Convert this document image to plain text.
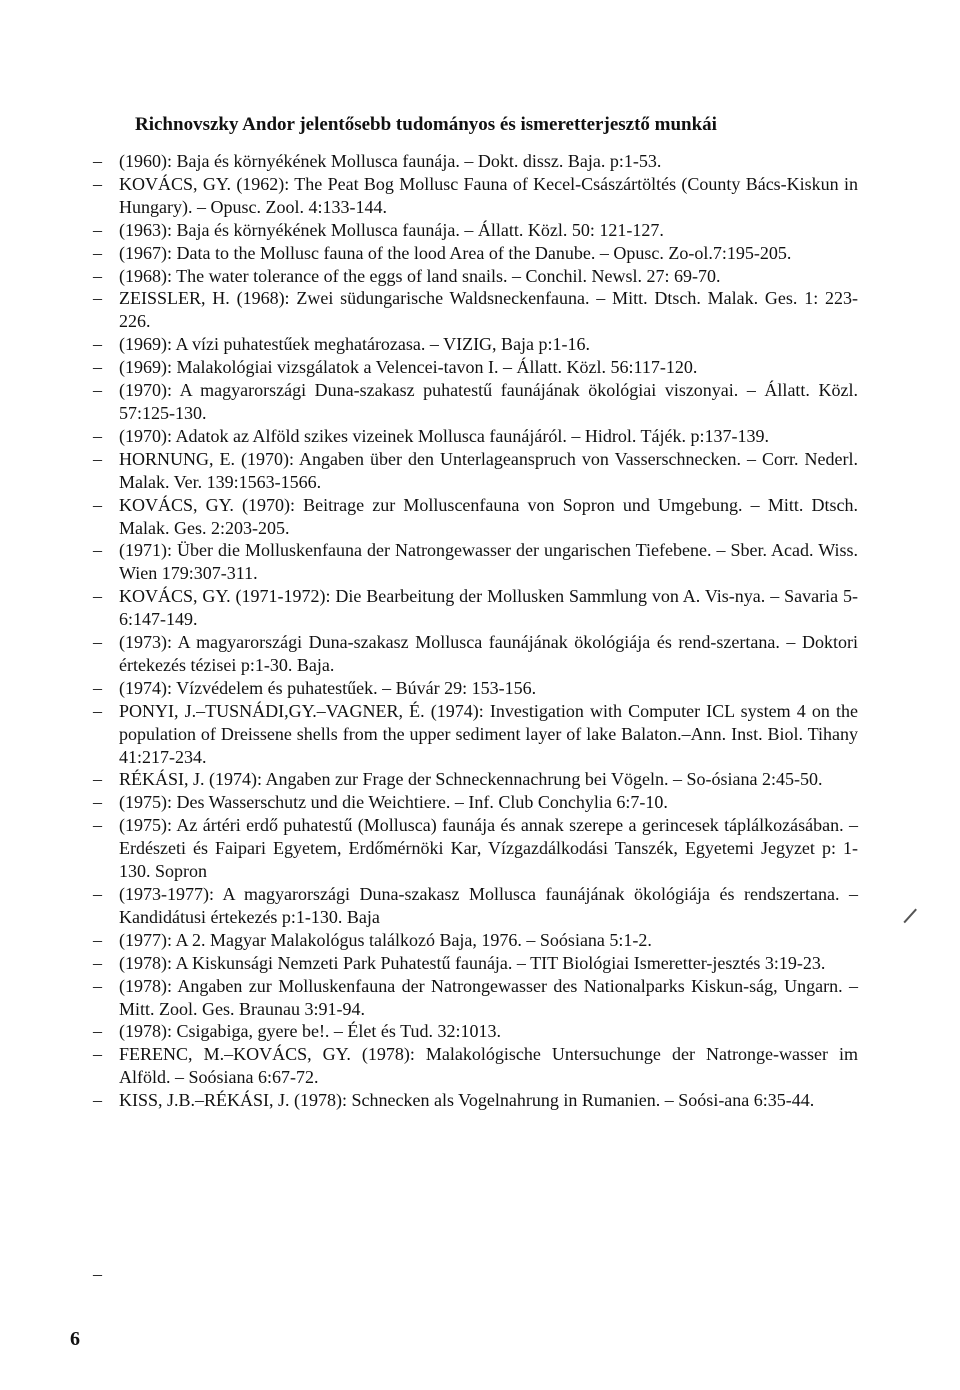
Richnovszky Andor jelentősebb tudományos és ismeretterjesztő munkái
– (1960): Baja és környékének Mollusca faunája. – Dokt. dissz. Baja. p:1-53.
– KOVÁCS, GY. (1962): The Peat Bog Mollusc Fauna of Kecel-Császártöltés (County Bács-Kiskun in Hungary). – Opusc. Zool. 4:133-144.
– (1963): Baja és környékének Mollusca faunája. – Állatt. Közl. 50: 121-127.
– (1967): Data to the Mollusc fauna of the lood Area of the Danube. – Opusc. Zo-ol.7:195-205.
– (1968): The water tolerance of the eggs of land snails. – Conchil. Newsl. 27: 69-70.
– ZEISSLER, H. (1968): Zwei südungarische Waldsneckenfauna. – Mitt. Dtsch. Malak. Ges. 1: 223-226.
– (1969): A vízi puhatestűek meghatározasa. – VIZIG, Baja p:1-16.
– (1969): Malakológiai vizsgálatok a Velencei-tavon I. – Állatt. Közl. 56:117-120.
– (1970): A magyarországi Duna-szakasz puhatestű faunájának ökológiai viszonyai. – Állatt. Közl. 57:125-130.
– (1970): Adatok az Alföld szikes vizeinek Mollusca faunájáról. – Hidrol. Tájék. p:137-139.
– HORNUNG, E. (1970): Angaben über den Unterlageanspruch von Vasserschnecken. – Corr. Nederl. Malak. Ver. 139:1563-1566.
– KOVÁCS, GY. (1970): Beitrage zur Molluscenfauna von Sopron und Umgebung. – Mitt. Dtsch. Malak. Ges. 2:203-205.
– (1971): Über die Molluskenfauna der Natrongewasser der ungarischen Tiefebene. – Sber. Acad. Wiss. Wien 179:307-311.
– KOVÁCS, GY. (1971-1972): Die Bearbeitung der Mollusken Sammlung von A. Vis-nya. – Savaria 5-6:147-149.
– (1973): A magyarországi Duna-szakasz Mollusca faunájának ökológiája és rend-szertana. – Doktori értekezés tézisei p:1-30. Baja.
– (1974): Vízvédelem és puhatestűek. – Búvár 29: 153-156.
– PONYI, J.–TUSNÁDI,GY.–VAGNER, É. (1974): Investigation with Computer ICL system 4 on the population of Dreissene shells from the upper sediment layer of lake Balaton.–Ann. Inst. Biol. Tihany 41:217-234.
– RÉKÁSI, J. (1974): Angaben zur Frage der Schneckennachrung bei Vögeln. – So-ósiana 2:45-50.
– (1975): Des Wasserschutz und die Weichtiere. – Inf. Club Conchylia 6:7-10.
– (1975): Az ártéri erdő puhatestű (Mollusca) faunája és annak szerepe a gerincesek táplálkozásában. – Erdészeti és Faipari Egyetem, Erdőmérnöki Kar, Vízgazdálkodási Tanszék, Egyetemi Jegyzet p: 1-130. Sopron
– (1973-1977): A magyarországi Duna-szakasz Mollusca faunájának ökológiája és rendszertana. – Kandidátusi értekezés p:1-130. Baja
– (1977): A 2. Magyar Malakológus találkozó Baja, 1976. – Soósiana 5:1-2.
– (1978): A Kiskunsági Nemzeti Park Puhatestű faunája. – TIT Biológiai Ismeretter-jesztés 3:19-23.
– (1978): Angaben zur Molluskenfauna der Natrongewasser des Nationalparks Kiskun-ság, Ungarn. – Mitt. Zool. Ges. Braunau 3:91-94.
– (1978): Csigabiga, gyere be!. – Élet és Tud. 32:1013.
– FERENC, M.–KOVÁCS, GY. (1978): Malakológische Untersuchunge der Natronge-wasser im Alföld. – Soósiana 6:67-72.
– KISS, J.B.–RÉKÁSI, J. (1978): Schnecken als Vogelnahrung in Rumanien. – Soósi-ana 6:35-44.
–
6
